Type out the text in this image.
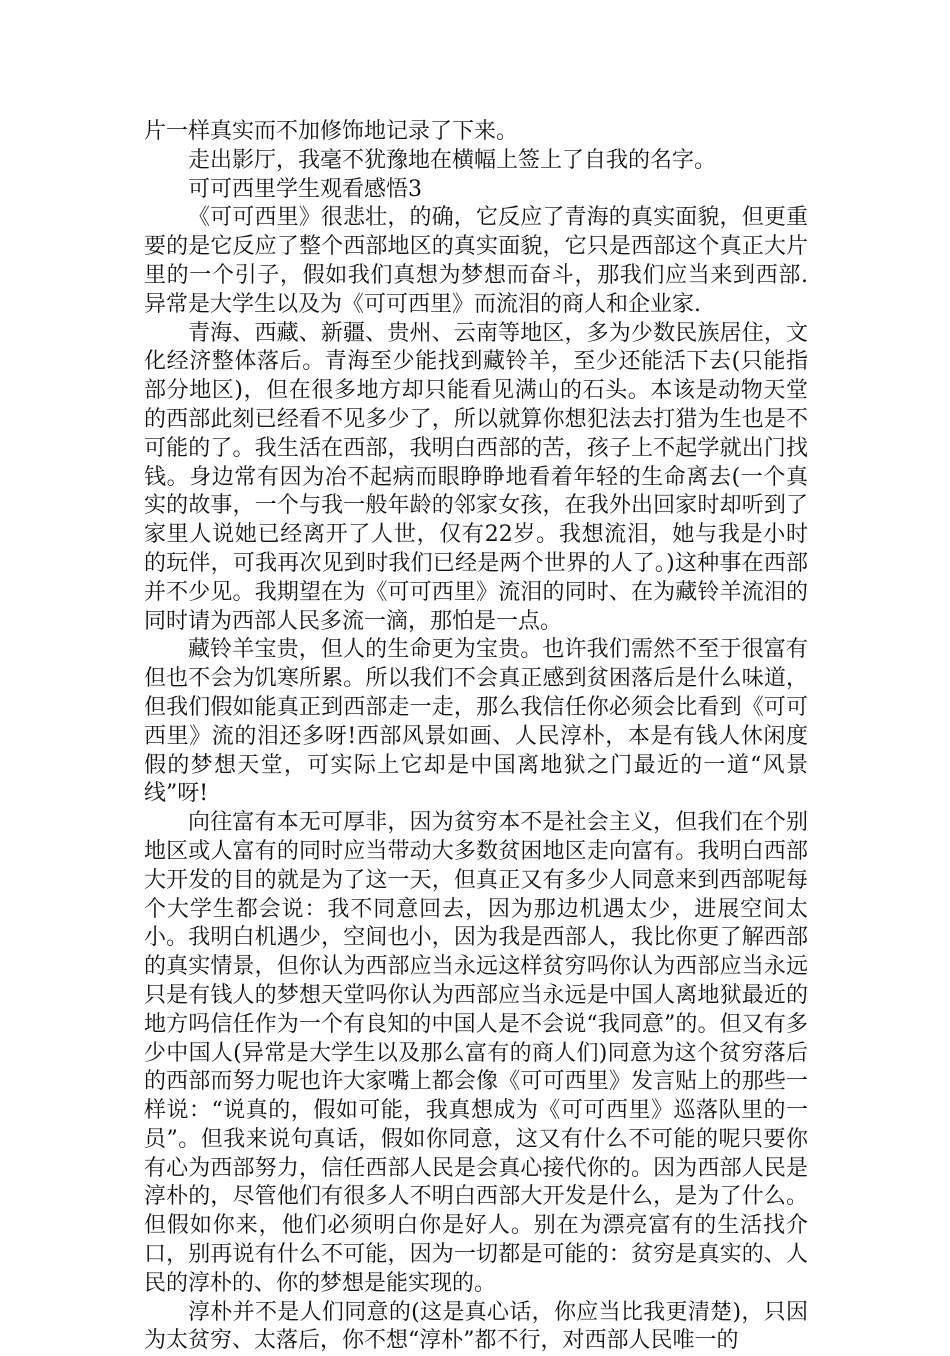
片一样真实而不加修饰地记录了下来。

走出影厅，我毫不犹豫地在横幅上签上了自我的名字。

可可西里学生观看感悟3

《可可西里》很悲壮，的确，它反应了青海的真实面貌，但更重要的是它反应了整个西部地区的真实面貌，它只是西部这个真正大片里的一个引子，假如我们真想为梦想而奋斗，那我们应当来到西部.异常是大学生以及为《可可西里》而流泪的商人和企业家.

青海、西藏、新疆、贵州、云南等地区，多为少数民族居住，文化经济整体落后。青海至少能找到藏铃羊，至少还能活下去(只能指部分地区)，但在很多地方却只能看见满山的石头。本该是动物天堂的西部此刻已经看不见多少了，所以就算你想犯法去打猎为生也是不可能的了。我生活在西部，我明白西部的苦，孩子上不起学就出门找钱。身边常有因为冶不起病而眼睁睁地看着年轻的生命离去(一个真实的故事，一个与我一般年龄的邻家女孩，在我外出回家时却听到了家里人说她已经离开了人世，仅有22岁。我想流泪，她与我是小时的玩伴，可我再次见到时我们已经是两个世界的人了。)这种事在西部并不少见。我期望在为《可可西里》流泪的同时、在为藏铃羊流泪的同时请为西部人民多流一滴，那怕是一点。

藏铃羊宝贵，但人的生命更为宝贵。也许我们需然不至于很富有但也不会为饥寒所累。所以我们不会真正感到贫困落后是什么味道，但我们假如能真正到西部走一走，那么我信任你必须会比看到《可可西里》流的泪还多呀!西部风景如画、人民淳朴，本是有钱人休闲度假的梦想天堂，可实际上它却是中国离地狱之门最近的一道“风景线”呀!

向往富有本无可厚非，因为贫穷本不是社会主义，但我们在个别地区或人富有的同时应当带动大多数贫困地区走向富有。我明白西部大开发的目的就是为了这一天，但真正又有多少人同意来到西部呢每个大学生都会说：我不同意回去，因为那边机遇太少，进展空间太小。我明白机遇少，空间也小，因为我是西部人，我比你更了解西部的真实情景，但你认为西部应当永远这样贫穷吗你认为西部应当永远只是有钱人的梦想天堂吗你认为西部应当永远是中国人离地狱最近的地方吗信任作为一个有良知的中国人是不会说“我同意”的。但又有多少中国人(异常是大学生以及那么富有的商人们)同意为这个贫穷落后的西部而努力呢也许大家嘴上都会像《可可西里》发言贴上的那些一样说：“说真的，假如可能，我真想成为《可可西里》巡落队里的一员”。但我来说句真话，假如你同意，这又有什么不可能的呢只要你有心为西部努力，信任西部人民是会真心接代你的。因为西部人民是淳朴的，尽管他们有很多人不明白西部大开发是什么，是为了什么。但假如你来，他们必须明白你是好人。别在为漂亮富有的生活找介口，别再说有什么不可能，因为一切都是可能的：贫穷是真实的、人民的淳朴的、你的梦想是能实现的。

淳朴并不是人们同意的(这是真心话，你应当比我更清楚)，只因为太贫穷、太落后，你不想“淳朴”都不行，对西部人民唯一的
